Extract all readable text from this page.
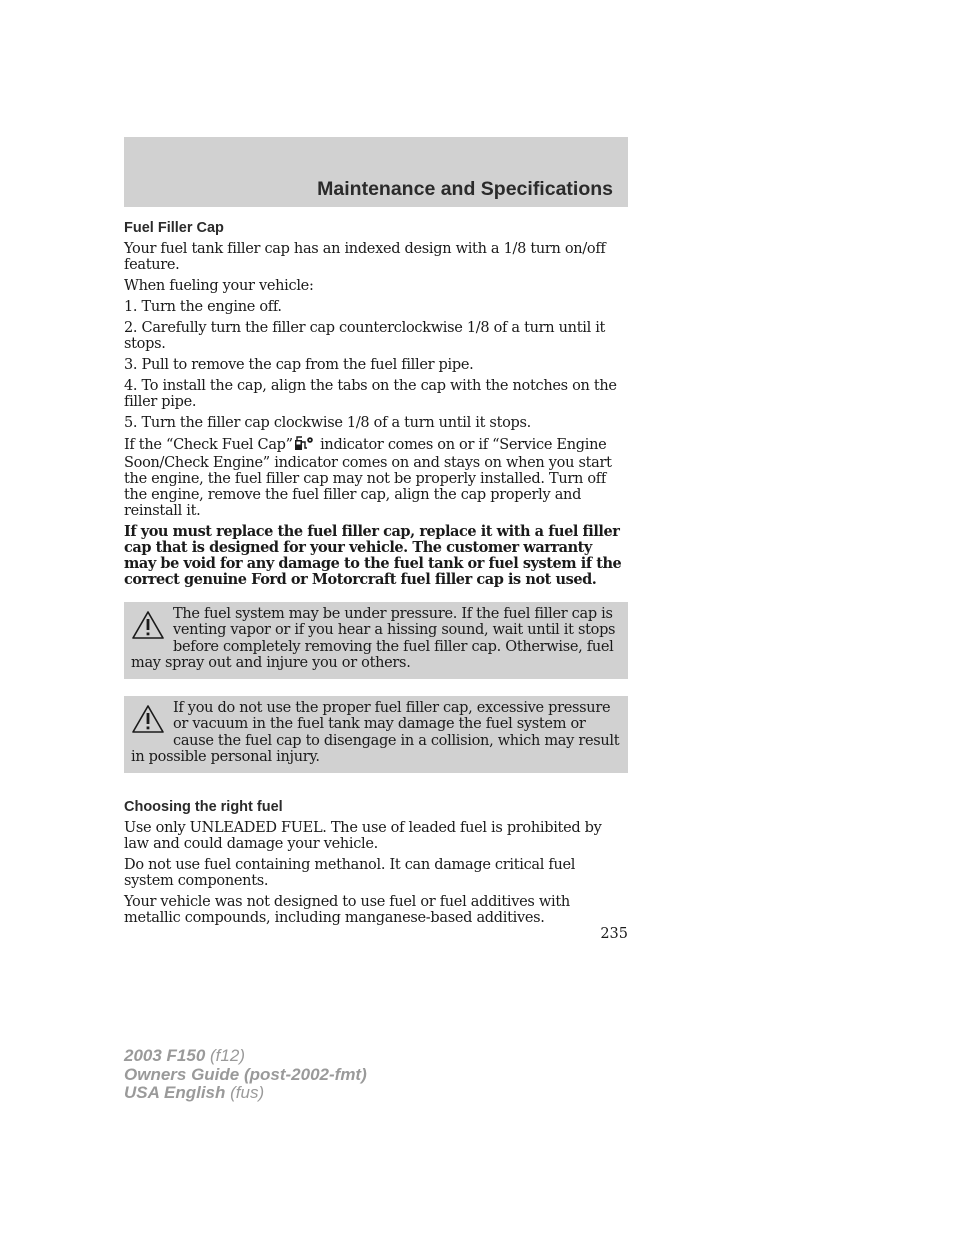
Maintenance and Specifications
Fuel Filler Cap

Your fuel tank filler cap has an indexed design with a 1/8 turn on/off feature.

When fueling your vehicle:

1. Turn the engine off.

2. Carefully turn the filler cap counterclockwise 1/8 of a turn until it stops.

3. Pull to remove the cap from the fuel filler pipe.

4. To install the cap, align the tabs on the cap with the notches on the filler pipe.

5. Turn the filler cap clockwise 1/8 of a turn until it stops.

If the “Check Fuel Cap” indicator comes on or if “Service Engine Soon/Check Engine” indicator comes on and stays on when you start the engine, the fuel filler cap may not be properly installed. Turn off the engine, remove the fuel filler cap, align the cap properly and reinstall it.

If you must replace the fuel filler cap, replace it with a fuel filler cap that is designed for your vehicle. The customer warranty may be void for any damage to the fuel tank or fuel system if the correct genuine Ford or Motorcraft fuel filler cap is not used.

The fuel system may be under pressure. If the fuel filler cap is venting vapor or if you hear a hissing sound, wait until it stops before completely removing the fuel filler cap. Otherwise, fuel may spray out and injure you or others.

If you do not use the proper fuel filler cap, excessive pressure or vacuum in the fuel tank may damage the fuel system or cause the fuel cap to disengage in a collision, which may result in possible personal injury.

Choosing the right fuel

Use only UNLEADED FUEL. The use of leaded fuel is prohibited by law and could damage your vehicle.

Do not use fuel containing methanol. It can damage critical fuel system components.

Your vehicle was not designed to use fuel or fuel additives with metallic compounds, including manganese-based additives.

235
2003 F150 (f12)
Owners Guide (post-2002-fmt)
USA English (fus)
